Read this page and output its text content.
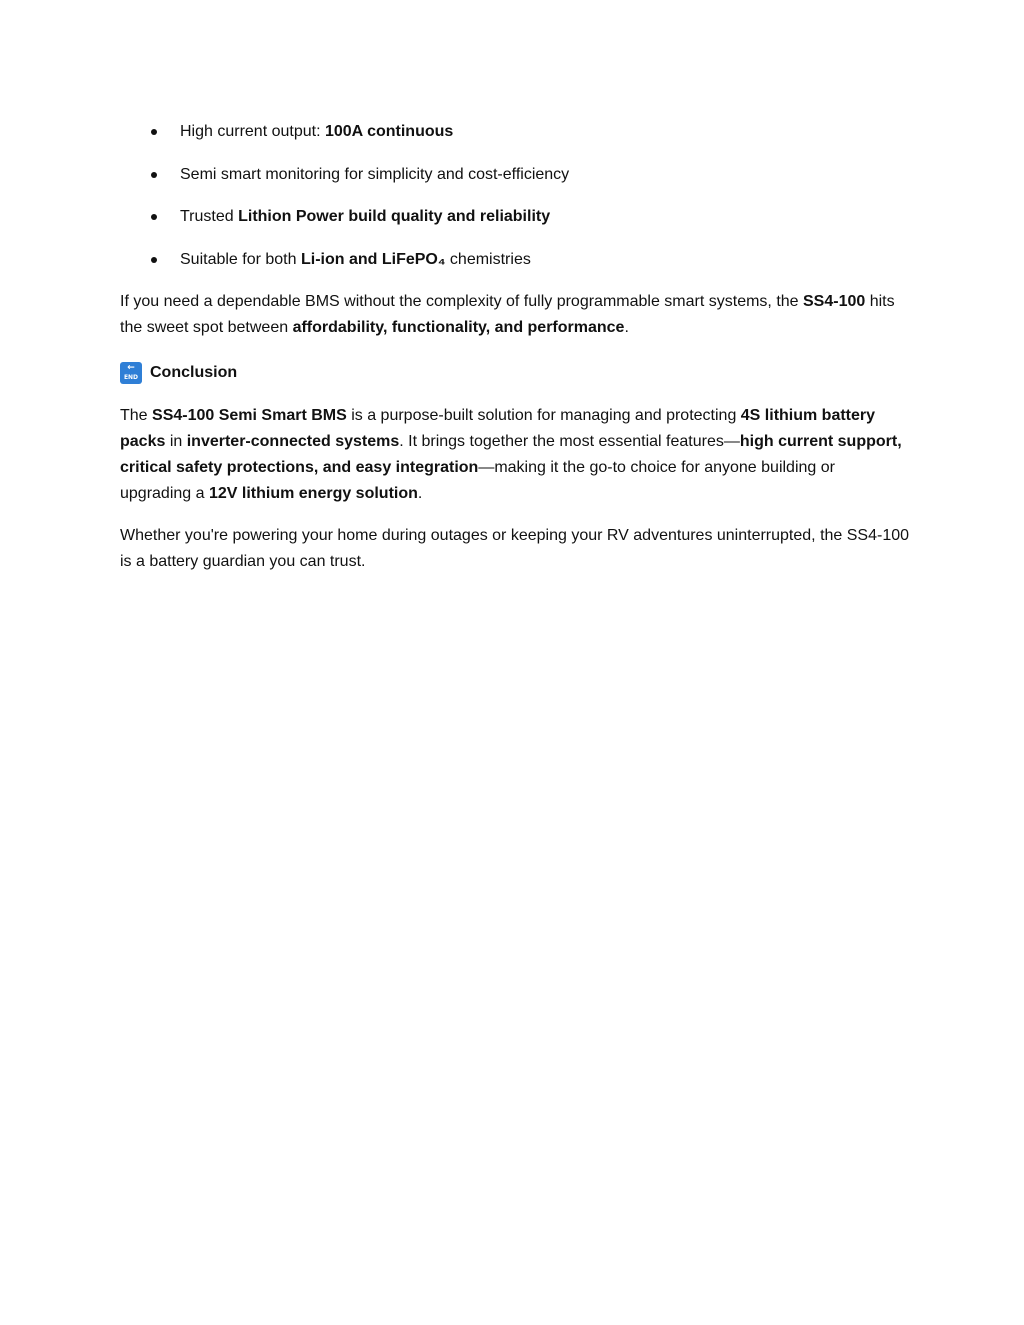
High current output: 100A continuous
Semi smart monitoring for simplicity and cost-efficiency
Trusted Lithion Power build quality and reliability
Suitable for both Li-ion and LiFePO₄ chemistries

If you need a dependable BMS without the complexity of fully programmable smart systems, the SS4-100 hits the sweet spot between affordability, functionality, and performance.

←
END Conclusion

The SS4-100 Semi Smart BMS is a purpose-built solution for managing and protecting 4S lithium battery packs in inverter-connected systems. It brings together the most essential features—high current support, critical safety protections, and easy integration—making it the go-to choice for anyone building or upgrading a 12V lithium energy solution.

Whether you're powering your home during outages or keeping your RV adventures uninterrupted, the SS4-100 is a battery guardian you can trust.
